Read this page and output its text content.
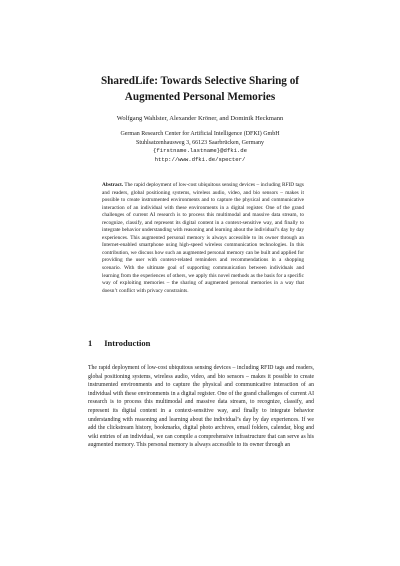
SharedLife: Towards Selective Sharing of
Augmented Personal Memories
Wolfgang Wahlster, Alexander Kröner, and Dominik Heckmann
German Research Center for Artificial Intelligence (DFKI) GmbH
Stuhlsatzenhausweg 3, 66123 Saarbrücken, Germany
{firstname.lastname}@dfki.de
http://www.dfki.de/specter/
Abstract. The rapid deployment of low-cost ubiquitous sensing devices – including RFID tags and readers, global positioning systems, wireless audio, video, and bio sensors – makes it possible to create instrumented environments and to capture the physical and communicative interaction of an individual with these environments in a digital register. One of the grand challenges of current AI research is to process this multimodal and massive data stream, to recognize, classify, and represent its digital content in a context-sensitive way, and finally to integrate behavior understanding with reasoning and learning about the individual’s day by day experiences. This augmented personal memory is always accessible to its owner through an Internet-enabled smartphone using high-speed wireless communication technologies. In this contribution, we discuss how such an augmented personal memory can be built and applied for providing the user with context-related reminders and recommendations in a shopping scenario. With the ultimate goal of supporting communication between individuals and learning from the experiences of others, we apply this novel methods as the basis for a specific way of exploiting memories – the sharing of augmented personal memories in a way that doesn’t conflict with privacy constraints.
1 Introduction
The rapid deployment of low-cost ubiquitous sensing devices – including RFID tags and readers, global positioning systems, wireless audio, video, and bio sensors – makes it possible to create instrumented environments and to capture the physical and communicative interaction of an individual with these environments in a digital register. One of the grand challenges of current AI research is to process this multimodal and massive data stream, to recognize, classify, and represent its digital content in a context-sensitive way, and finally to integrate behavior understanding with reasoning and learning about the individual’s day by day experiences. If we add the clickstream history, bookmarks, digital photo archives, email folders, calendar, blog and wiki entries of an individual, we can compile a comprehensive infrastructure that can serve as his augmented memory. This personal memory is always accessible to its owner through an
